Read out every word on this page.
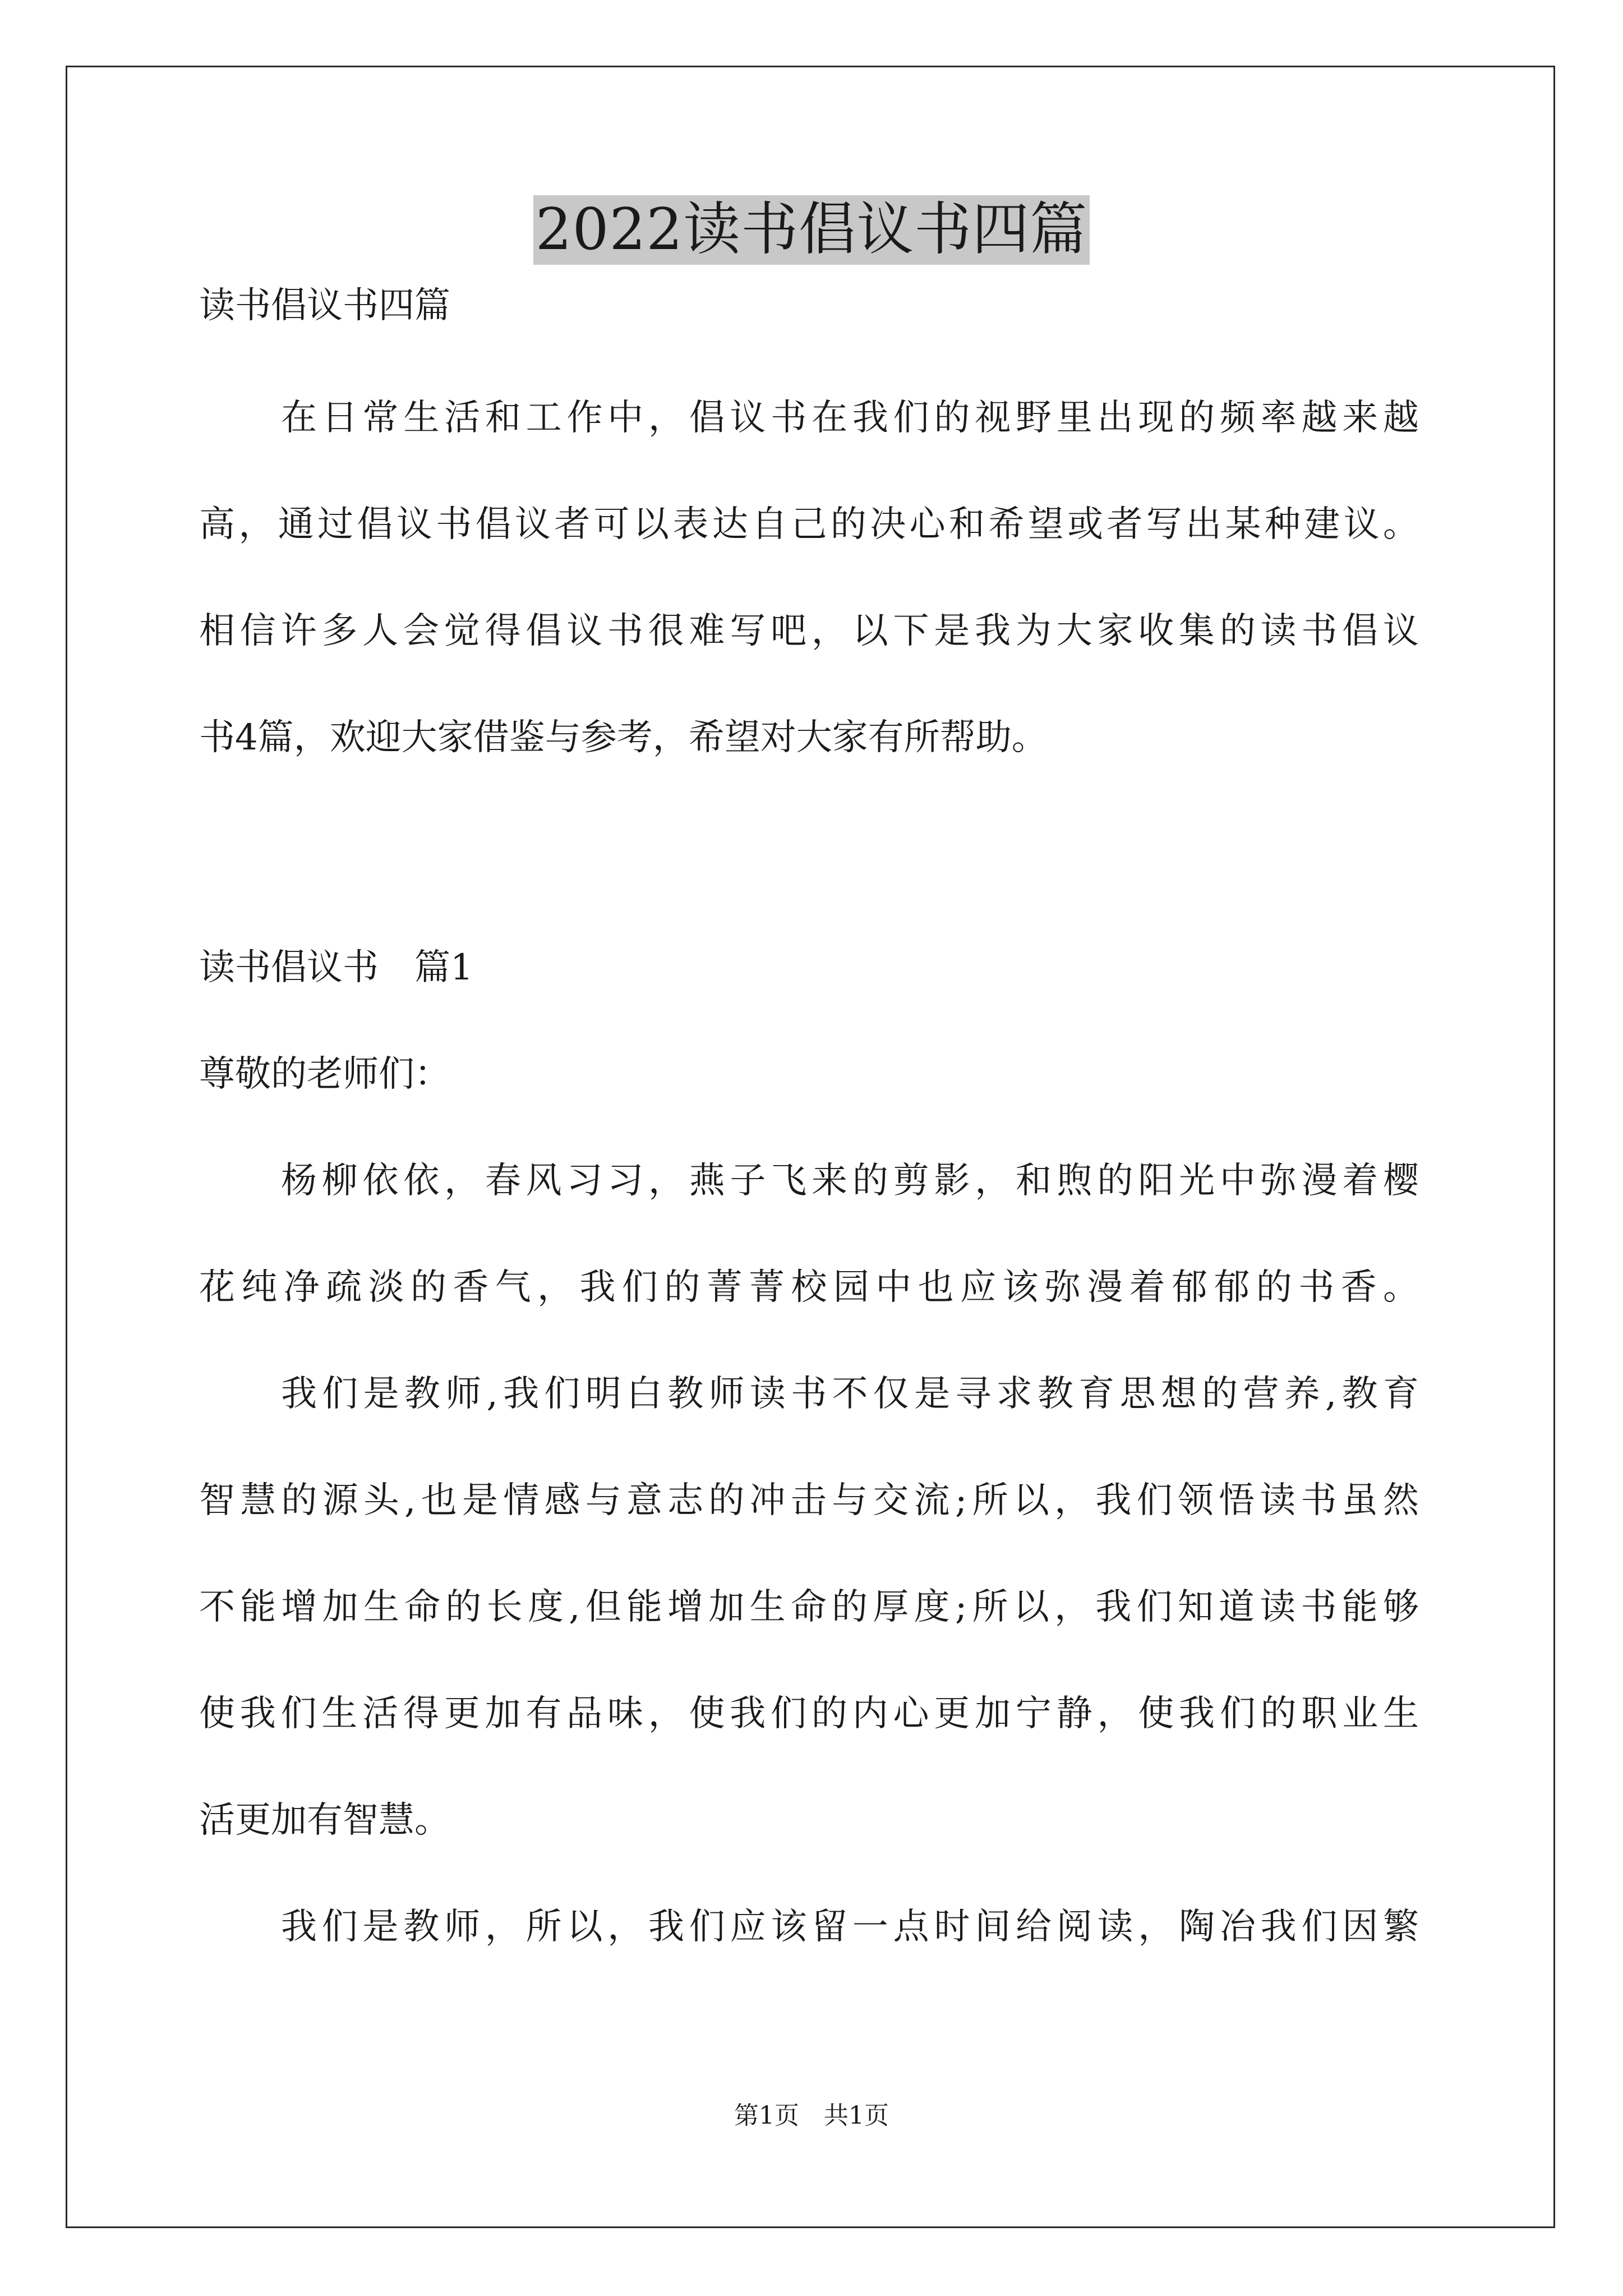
2022读书倡议书四篇
读书倡议书四篇
在日常生活和工作中，倡议书在我们的视野里出现的频率越来越
高，通过倡议书倡议者可以表达自己的决心和希望或者写出某种建议。
相信许多人会觉得倡议书很难写吧，以下是我为大家收集的读书倡议
书4篇，欢迎大家借鉴与参考，希望对大家有所帮助。
读书倡议书　篇1
尊敬的老师们：
杨柳依依，春风习习，燕子飞来的剪影，和煦的阳光中弥漫着樱
花纯净疏淡的香气，我们的菁菁校园中也应该弥漫着郁郁的书香。
我们是教师,我们明白教师读书不仅是寻求教育思想的营养,教育
智慧的源头,也是情感与意志的冲击与交流;所以，我们领悟读书虽然
不能增加生命的长度,但能增加生命的厚度;所以，我们知道读书能够
使我们生活得更加有品味，使我们的内心更加宁静，使我们的职业生
活更加有智慧。
我们是教师，所以，我们应该留一点时间给阅读，陶冶我们因繁
第1页　共1页
